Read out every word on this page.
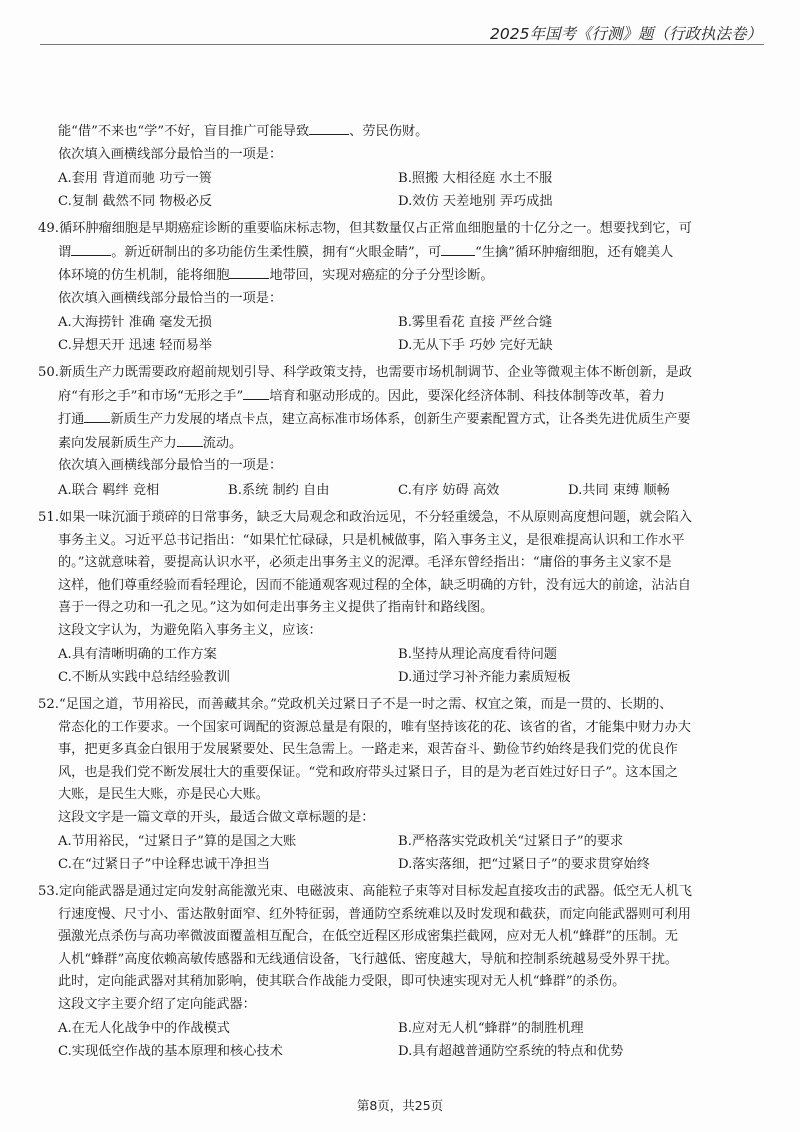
2025年国考《行测》题（行政执法卷）

能“借”不来也“学”不好，盲目推广可能导致	、劳民伤财。

依次填入画横线部分最恰当的一项是：

A.套用 背道而驰 功亏一篑	B.照搬 大相径庭 水土不服
C.复制 截然不同 物极必反	D.效仿 天差地别 弄巧成拙

49.循环肿瘤细胞是早期癌症诊断的重要临床标志物，但其数量仅占正常血细胞量的十亿分之一。想要找到它，可

谓	。新近研制出的多功能仿生柔性膜，拥有“火眼金睛”，可	“生擒”循环肿瘤细胞，还有媲美人

体环境的仿生机制，能将细胞	地带回，实现对癌症的分子分型诊断。

依次填入画横线部分最恰当的一项是：

A.大海捞针 准确 毫发无损	B.雾里看花 直接 严丝合缝
C.异想天开 迅速 轻而易举	D.无从下手 巧妙 完好无缺

50.新质生产力既需要政府超前规划引导、科学政策支持，也需要市场机制调节、企业等微观主体不断创新，是政

府“有形之手”和市场“无形之手” 培育和驱动形成的。因此，要深化经济体制、科技体制等改革，着力

打通 新质生产力发展的堵点卡点，建立高标准市场体系，创新生产要素配置方式，让各类先进优质生产要

素向发展新质生产力 流动。

依次填入画横线部分最恰当的一项是：

A.联合 羁绊 竞相	B.系统 制约 自由	C.有序 妨碍 高效	D.共同 束缚 顺畅

51.如果一味沉湎于琐碎的日常事务，缺乏大局观念和政治远见，不分轻重缓急，不从原则高度想问题，就会陷入

事务主义。习近平总书记指出：“如果忙忙碌碌，只是机械做事，陷入事务主义，是很难提高认识和工作水平

的。”这就意味着，要提高认识水平，必须走出事务主义的泥潭。毛泽东曾经指出：“庸俗的事务主义家不是

这样，他们尊重经验而看轻理论，因而不能通观客观过程的全体，缺乏明确的方针，没有远大的前途，沾沾自

喜于一得之功和一孔之见。”这为如何走出事务主义提供了指南针和路线图。

这段文字认为，为避免陷入事务主义，应该：

A.具有清晰明确的工作方案	B.坚持从理论高度看待问题
C.不断从实践中总结经验教训	D.通过学习补齐能力素质短板

52.“足国之道，节用裕民，而善藏其余。”党政机关过紧日子不是一时之需、权宜之策，而是一贯的、长期的、

常态化的工作要求。一个国家可调配的资源总量是有限的，唯有坚持该花的花、该省的省，才能集中财力办大

事，把更多真金白银用于发展紧要处、民生急需上。一路走来，艰苦奋斗、勤俭节约始终是我们党的优良作

风，也是我们党不断发展壮大的重要保证。“党和政府带头过紧日子，目的是为老百姓过好日子”。这本国之

大账，是民生大账，亦是民心大账。

这段文字是一篇文章的开头，最适合做文章标题的是：

A.节用裕民，“过紧日子”算的是国之大账	B.严格落实党政机关“过紧日子”的要求
C.在“过紧日子”中诠释忠诚干净担当	D.落实落细，把“过紧日子”的要求贯穿始终

53.定向能武器是通过定向发射高能激光束、电磁波束、高能粒子束等对目标发起直接攻击的武器。低空无人机飞

行速度慢、尺寸小、雷达散射面窄、红外特征弱，普通防空系统难以及时发现和截获，而定向能武器则可利用

强激光点杀伤与高功率微波面覆盖相互配合，在低空近程区形成密集拦截网，应对无人机“蜂群”的压制。无

人机“蜂群”高度依赖高敏传感器和无线通信设备，飞行越低、密度越大，导航和控制系统越易受外界干扰。

此时，定向能武器对其稍加影响，使其联合作战能力受限，即可快速实现对无人机“蜂群”的杀伤。

这段文字主要介绍了定向能武器：

A.在无人化战争中的作战模式	B.应对无人机“蜂群”的制胜机理
C.实现低空作战的基本原理和核心技术	D.具有超越普通防空系统的特点和优势
第8页，共25页
